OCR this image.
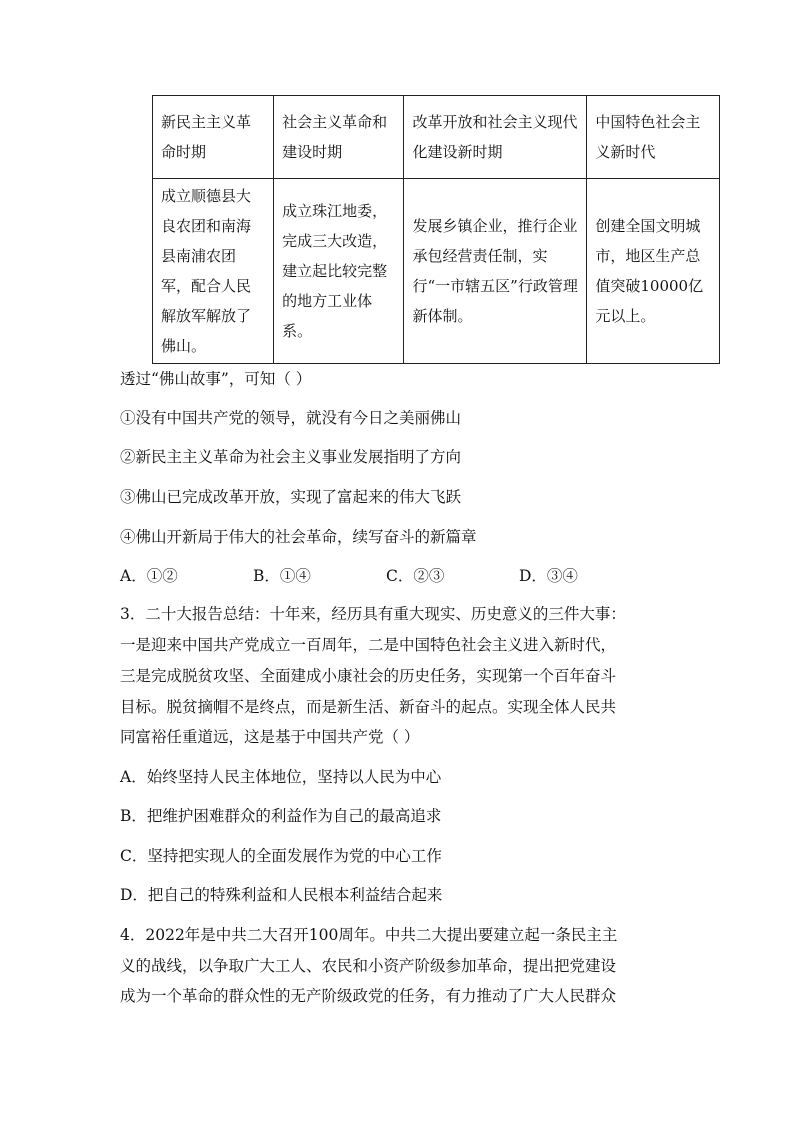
新民主主义革命时期	社会主义革命和建设时期	改革开放和社会主义现代化建设新时期	中国特色社会主义新时代
成立顺德县大良农团和南海县南浦农团军，配合人民解放军解放了佛山。	成立珠江地委，完成三大改造，建立起比较完整的地方工业体系。	发展乡镇企业，推行企业承包经营责任制，实行“一市辖五区”行政管理新体制。	创建全国文明城市，地区生产总值突破10000亿元以上。
透过“佛山故事”，可知（ ）
①没有中国共产党的领导，就没有今日之美丽佛山
②新民主主义革命为社会主义事业发展指明了方向
③佛山已完成改革开放，实现了富起来的伟大飞跃
④佛山开新局于伟大的社会革命，续写奋斗的新篇章
A．①②	B．①④	C．②③	D．③④
3．二十大报告总结：十年来，经历具有重大现实、历史意义的三件大事：
一是迎来中国共产党成立一百周年，二是中国特色社会主义进入新时代，
三是完成脱贫攻坚、全面建成小康社会的历史任务，实现第一个百年奋斗
目标。脱贫摘帽不是终点，而是新生活、新奋斗的起点。实现全体人民共
同富裕任重道远，这是基于中国共产党（ ）
A．始终坚持人民主体地位，坚持以人民为中心
B．把维护困难群众的利益作为自己的最高追求
C．坚持把实现人的全面发展作为党的中心工作
D．把自己的特殊利益和人民根本利益结合起来
4．2022年是中共二大召开100周年。中共二大提出要建立起一条民主主
义的战线，以争取广大工人、农民和小资产阶级参加革命，提出把党建设
成为一个革命的群众性的无产阶级政党的任务，有力推动了广大人民群众
